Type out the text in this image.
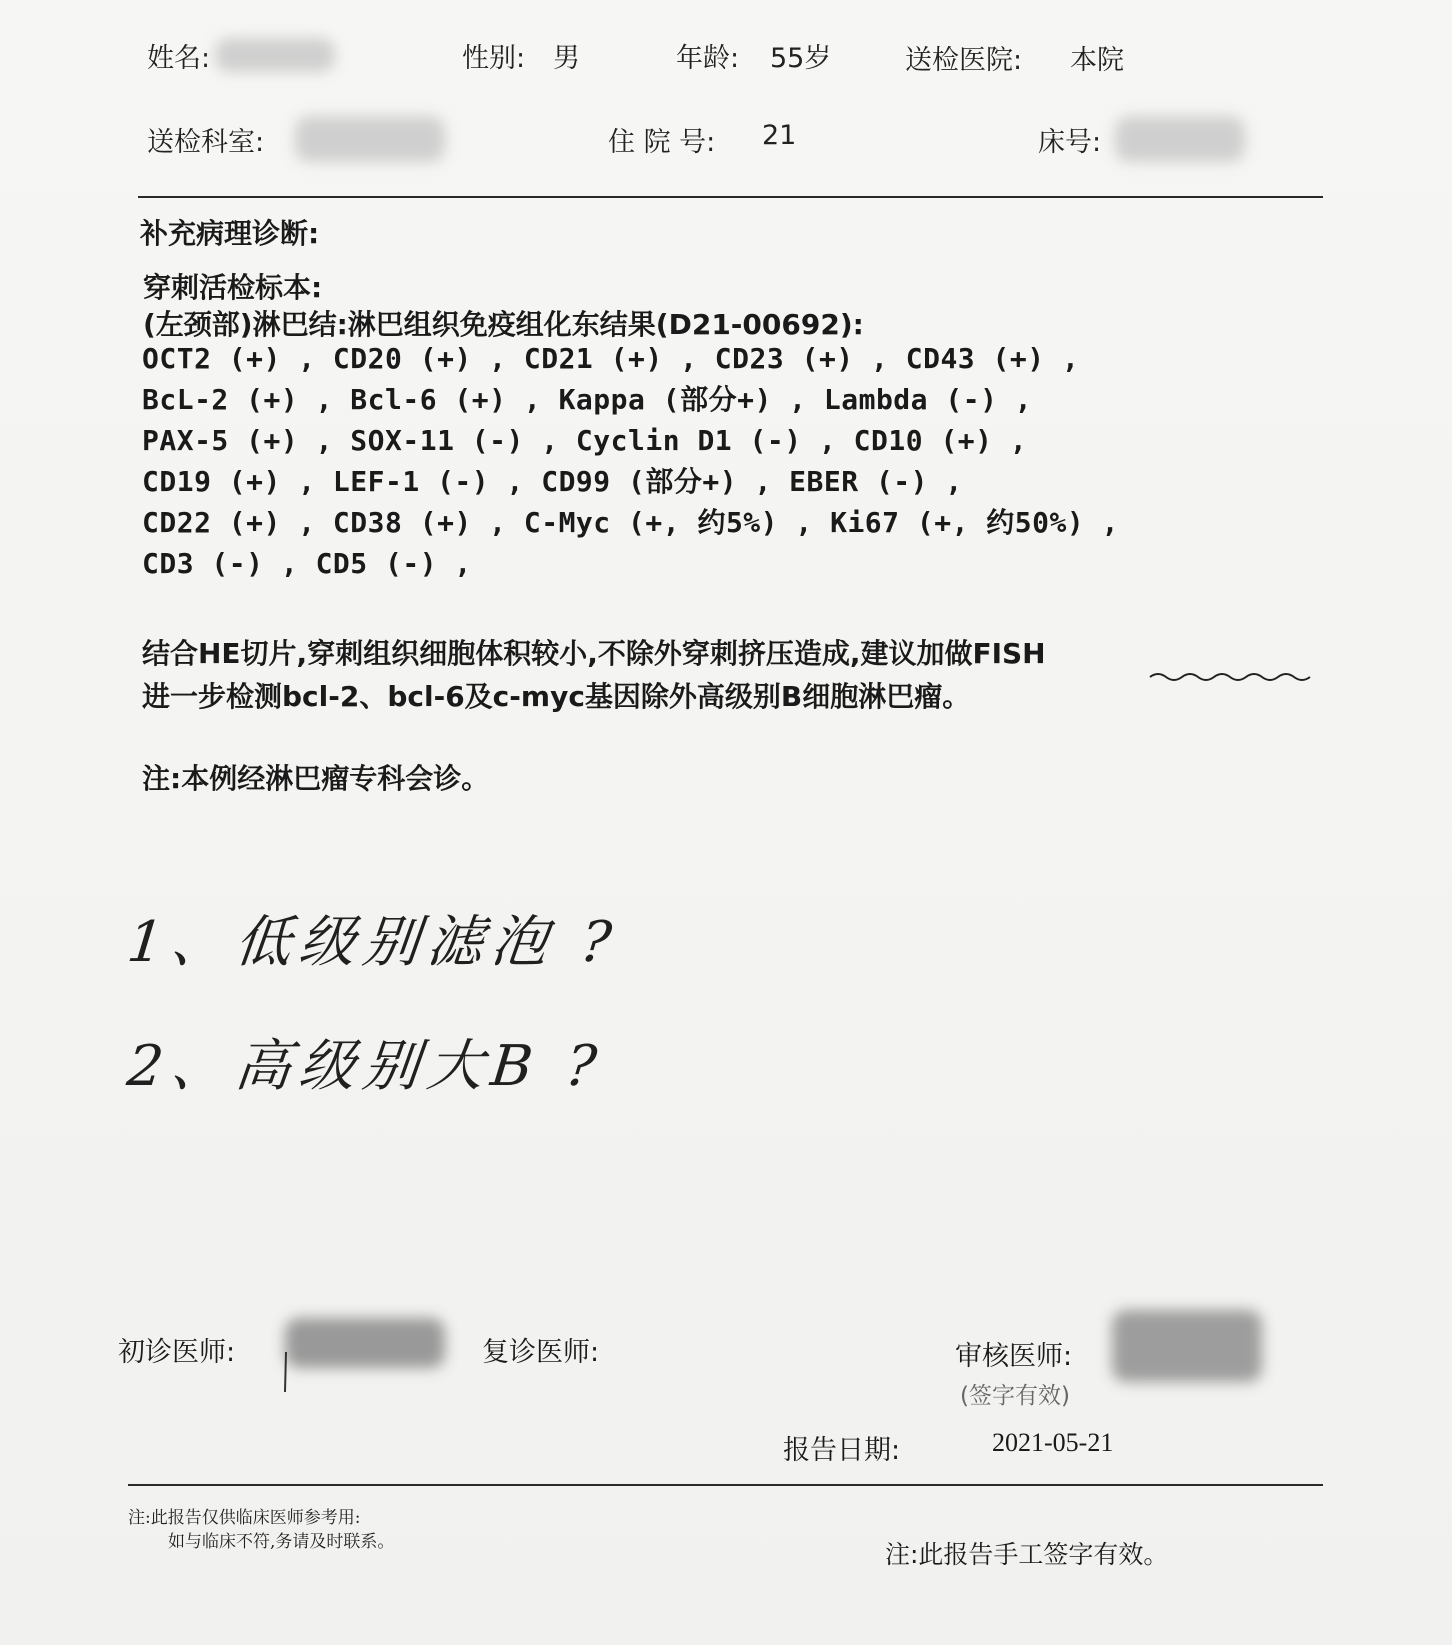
姓名:	性别: 男	年龄: 55岁	送检医院: 本院
送检科室:	住 院 号: 21	床号:
补充病理诊断:
穿刺活检标本:
(左颈部)淋巴结:淋巴组织免疫组化东结果(D21-00692):
OCT2 (+) , CD20 (+) , CD21 (+) , CD23 (+) , CD43 (+) ,
BcL-2 (+) , Bcl-6 (+) , Kappa (部分+) , Lambda (-) ,
PAX-5 (+) , SOX-11 (-) , Cyclin D1 (-) , CD10 (+) ,
CD19 (+) , LEF-1 (-) , CD99 (部分+) , EBER (-) ,
CD22 (+) , CD38 (+) , C-Myc (+, 约5%) , Ki67 (+, 约50%) ,
CD3 (-) , CD5 (-) ,
结合HE切片,穿刺组织细胞体积较小,不除外穿刺挤压造成,建议加做FISH
进一步检测bcl-2、bcl-6及c-myc基因除外高级别B细胞淋巴瘤。
注:本例经淋巴瘤专科会诊。
1、低级别滤泡 ?
2、高级别大B ?
初诊医师:	复诊医师:	审核医师:
(签字有效)
报告日期:	2021-05-21
注:此报告仅供临床医师参考用:
如与临床不符,务请及时联系。	注:此报告手工签字有效。
